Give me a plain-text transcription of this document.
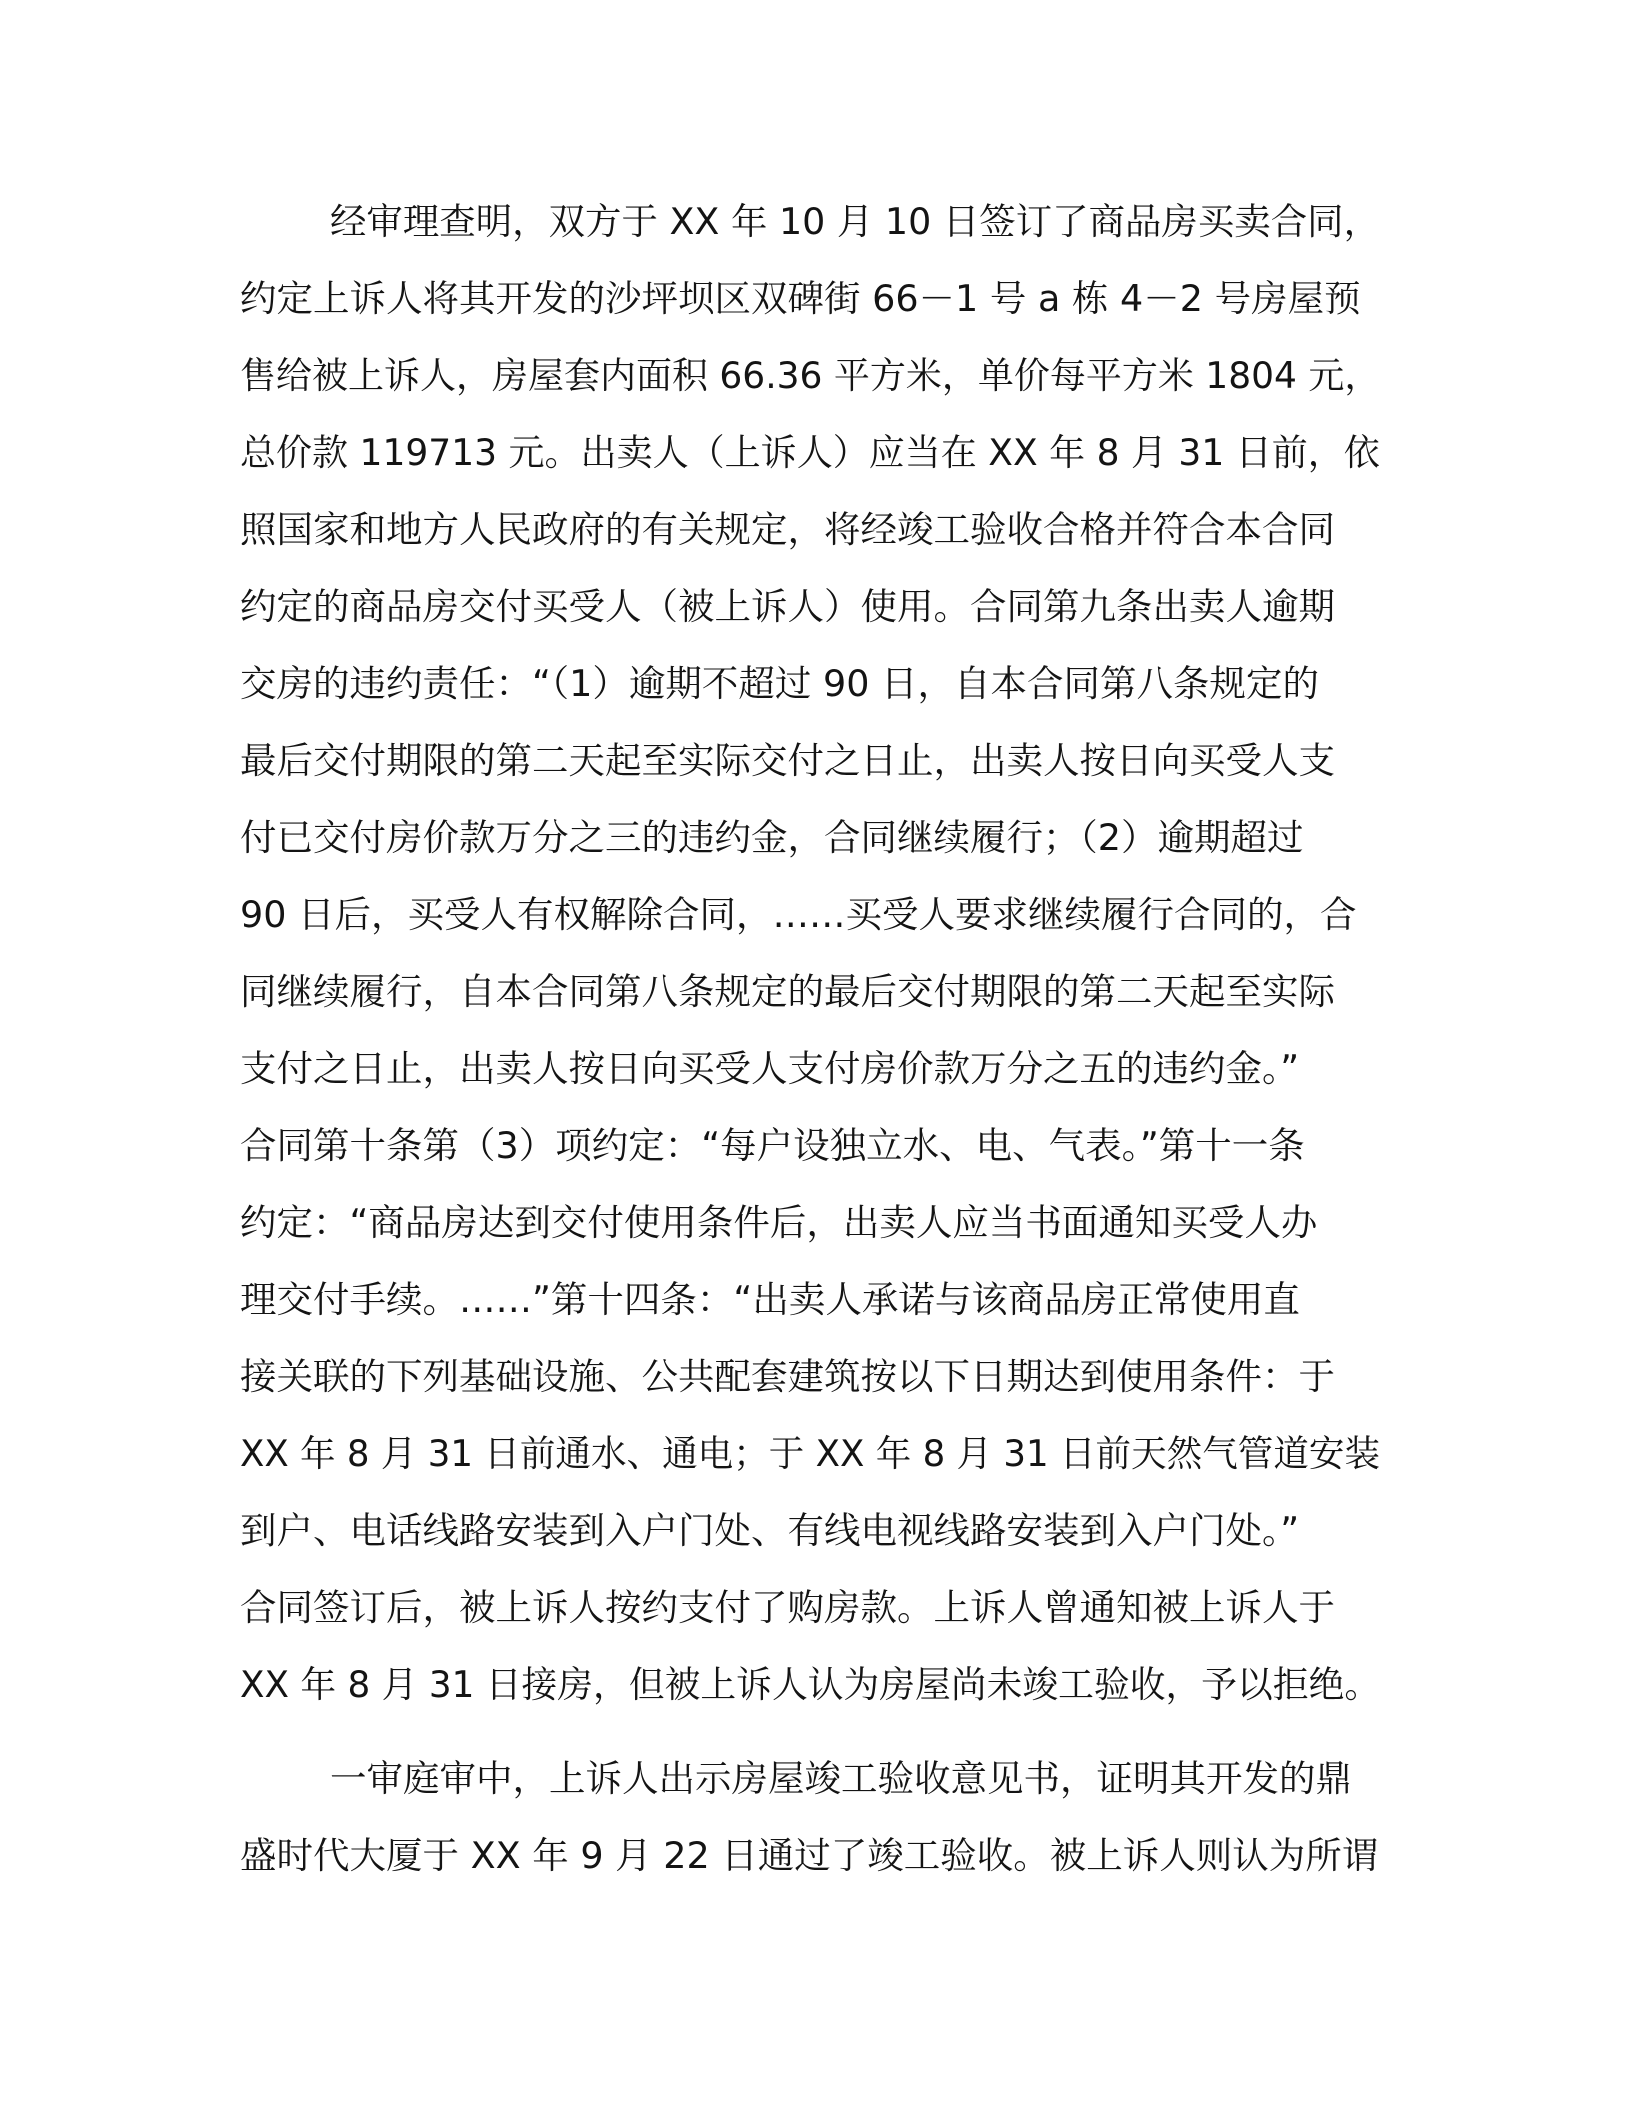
经审理查明，双方于 XX 年 10 月 10 日签订了商品房买卖合同，
约定上诉人将其开发的沙坪坝区双碑街 66－1 号 a 栋 4－2 号房屋预
售给被上诉人，房屋套内面积 66.36 平方米，单价每平方米 1804 元，
总价款 119713 元。出卖人（上诉人）应当在 XX 年 8 月 31 日前，依
照国家和地方人民政府的有关规定，将经竣工验收合格并符合本合同
约定的商品房交付买受人（被上诉人）使用。合同第九条出卖人逾期
交房的违约责任：“（1）逾期不超过 90 日，自本合同第八条规定的
最后交付期限的第二天起至实际交付之日止，出卖人按日向买受人支
付已交付房价款万分之三的违约金，合同继续履行；（2）逾期超过
90 日后，买受人有权解除合同，……买受人要求继续履行合同的，合
同继续履行，自本合同第八条规定的最后交付期限的第二天起至实际
支付之日止，出卖人按日向买受人支付房价款万分之五的违约金。”
合同第十条第（3）项约定：“每户设独立水、电、气表。”第十一条
约定：“商品房达到交付使用条件后，出卖人应当书面通知买受人办
理交付手续。……”第十四条：“出卖人承诺与该商品房正常使用直
接关联的下列基础设施、公共配套建筑按以下日期达到使用条件：于
XX 年 8 月 31 日前通水、通电；于 XX 年 8 月 31 日前天然气管道安装
到户、电话线路安装到入户门处、有线电视线路安装到入户门处。”
合同签订后，被上诉人按约支付了购房款。上诉人曾通知被上诉人于
XX 年 8 月 31 日接房，但被上诉人认为房屋尚未竣工验收，予以拒绝。
一审庭审中，上诉人出示房屋竣工验收意见书，证明其开发的鼎
盛时代大厦于 XX 年 9 月 22 日通过了竣工验收。被上诉人则认为所谓
